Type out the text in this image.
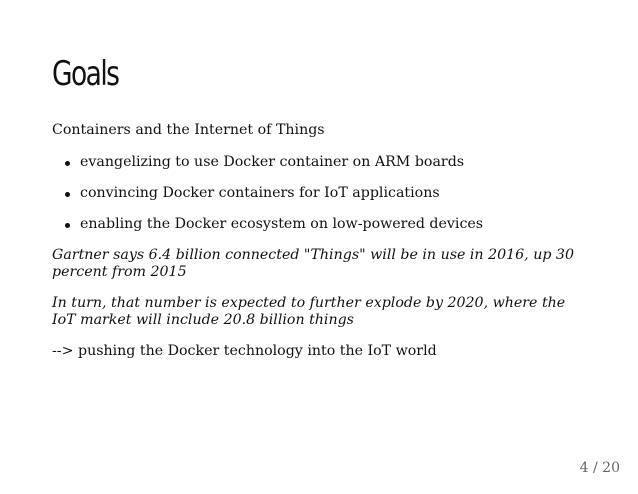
Goals

Containers and the Internet of Things

evangelizing to use Docker container on ARM boards
convincing Docker containers for IoT applications
enabling the Docker ecosystem on low-powered devices

Gartner says 6.4 billion connected "Things" will be in use in 2016, up 30 percent from 2015

In turn, that number is expected to further explode by 2020, where the IoT market will include 20.8 billion things

--> pushing the Docker technology into the IoT world

4 / 20
